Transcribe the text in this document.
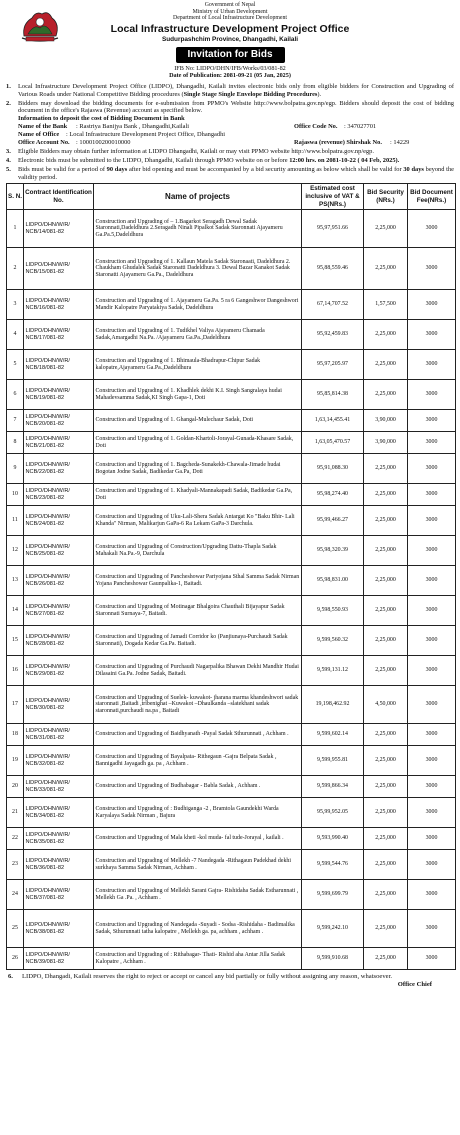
Government of Nepal
Ministry of Urban Development
Department of Local Infrastructure Development
Local Infrastructure Development Project Office
Sudurpashchim Province, Dhangadhi, Kailali
Invitation for Bids
IFB No: LIDPO/DHN/IFB/Works/03/081-82
Date of Publication: 2081-09-21 (05 Jan, 2025)
1. Local Infrastructure Development Project Office (LIDPO), Dhangadhi, Kailali invites electronic bids only from eligible bidders for Construction and Upgrading of Various Roads under National Competitive Bidding procedures (Single Stage Single Envelope Bidding Procedures).
2. Bidders may download the bidding documents for e-submission from PPMO's Website http://www.bolpatra.gov.np/egp. Bidders should deposit the cost of bidding document in the office's Rajaswa (Revenue) account as specified below.
Information to deposit the cost of Bidding Document in Bank
Name of the Bank : Rastriya Banijya Bank , Dhangadhi,Kailali	Office Code No. : 347027701
Name of Office : Local Infrastructure Development Project Office, Dhangadhi
Office Account No. : 1000100200010000	Rajaswa (revenue) Shirshak No. : 14229
3. Eligible Bidders may obtain further information at LIDPO Dhangadhi, Kailali or may visit PPMO website http://www.bolpatra.gov.np/egp.
4. Electronic bids must be submitted to the LIDPO, Dhangadhi, Kailali through PPMO website on or before 12:00 hrs. on 2081-10-22 ( 04 Feb, 2025).
5. Bids must be valid for a period of 90 days after bid opening and must be accompanied by a bid security amounting as below which shall be valid for 30 days beyond the validity period.
S. N.	Contract Identification No.	Name of projects	Estimated cost inclusive of VAT & PS(NRs.)	Bid Security (NRs.)	Bid Document Fee(NRs.)
1	LIDPO/DHN/W/R/ NCB/14/081-82	Construction and Upgrading of – 1.Bagarkot Seragadh Dewal Sadak Staronnati,Dadeldhura 2.Seragadh Ninali Pipalkot Sadak Staronnati Ajayameru Ga.Pa.5,Dadeldhura	95,97,951.66	2,25,000	3000
2	LIDPO/DHN/W/R/ NCB/15/081-82	Construction and Upgrading of 1. Kallaun Matela Sadak Staronaati, Dadeldhura 2. Chaukham Ghudalek Sadak Staronatti Dadeldhura 3. Dewal Bazar Kanakot Sadak Staronatti Ajayameru Ga.Pa., Dadeldhura	95,88,559.46	2,25,000	3000
3	LIDPO/DHN/W/R/ NCB/16/081-82	Construction and Upgrading of 1. Ajayameru Ga.Pa. 5 ra 6 Gangeshwor Dangeshwori Mandir Kalopatre Paryatakiya Sadak, Dadeldhura	67,14,707.52	1,57,500	3000
4	LIDPO/DHN/W/R/ NCB/17/081-82	Construction and Upgrading of 1. Tudikhel Valiya Ajayameru Chamada Sadak,Amargadhi Na.Pa. /Ajayameru Ga.Pa.,Dadeldhura	95,92,459.83	2,25,000	3000
5	LIDPO/DHN/W/R/ NCB/18/081-82	Construction and Upgrading of 1. Bhimaula-Bhadrapur-Chipur Sadak kalopatre,Ajayameru Ga.Pa.,Dadeldhura	95,97,205.97	2,25,000	3000
6	LIDPO/DHN/W/R/ NCB/19/081-82	Construction and Upgrading of 1. Khadhlek dekhi K.I. Singh Sangralaya hudai Mahadevsamma Sadak,KI Singh Gapa-1, Doti	95,85,814.38	2,25,000	3000
7	LIDPO/DHN/W/R/ NCB/20/081-82	Construction and Upgrading of 1. Ghangal-Mulechaur Sadak, Doti	1,63,14,455.41	3,90,000	3000
8	LIDPO/DHN/W/R/ NCB/21/081-82	Construction and Upgrading of 1. Goldan-Khartoli-Jorayal-Gunada-Khasare Sadak, Doti	1,63,05,470.57	3,90,000	3000
9	LIDPO/DHN/W/R/ NCB/22/081-82	Construction and Upgrading of 1. Bagcheda-Sunakekh-Chawala-Jimade hudai Bogotan Jodne Sadak, Badikedar Ga.Pa, Doti	95,91,088.30	2,25,000	3000
10	LIDPO/DHN/W/R/ NCB/23/081-82	Construction and Upgrading of 1. Khadyali-Mannakapadi Sadak, Badikedar Ga.Pa, Doti	95,98,274.40	2,25,000	3000
11	LIDPO/DHN/W/R/ NCB/24/081-82	Construction and Upgrading of Uku-Lali-Shera Sadak Antargat Ko "Baku Bhir- Lali Khanda" Nirman, Malikarjun GaPa-6 Ra Lekam GaPa-3 Darchula.	95,99,466.27	2,25,000	3000
12	LIDPO/DHN/W/R/ NCB/25/081-82	Construction and Upgrading of Construction/Upgrading Dattu-Thapla Sadak Mahakali Na.Pa.-9, Darchula	95,98,320.39	2,25,000	3000
13	LIDPO/DHN/W/R/ NCB/26/081-82	Construction and Upgrading of Pancheshowar Pariyojana Sthal Samma Sadak Nirman Yojana Pancheshowar Gaunpalika-1, Baitadi.	95,98,831.00	2,25,000	3000
14	LIDPO/DHN/W/R/ NCB/27/081-82	Construction and Upgrading of Motinagar Bhalgoira Chauthali Bijayapur Sadak Staronnati Surnaya-7, Baitadi.	9,598,550.93	2,25,000	3000
15	LIDPO/DHN/W/R/ NCB/28/081-82	Construction and Upgrading of Jamadi Corridor ko (Panjiunaya-Purchaudi Sadak Staronnati), Dogada Kedar Ga.Pa. Baitadi.	9,599,560.32	2,25,000	3000
16	LIDPO/DHN/W/R/ NCB/29/081-82	Construction and Upgrading of Purchaudi Nagarpalika Bhawan Dekhi Mandhir Hudai Dilasaini Ga.Pa. Jodne Sadak, Baitadi.	9,599,131.12	2,25,000	3000
17	LIDPO/DHN/W/R/ NCB/30/081-82	Construction and Upgrading of Suelek- kuwakot- jharana marma khandeshwori sadak staronnati ,Baitadi ,tribenighat –Kuwakot –Dhaulkanda –slatekhani sadak staronnati,purchaudi na.pa , Baitadi	19,198,462.92	4,50,000	3000
18	LIDPO/DHN/W/R/ NCB/31/081-82	Construction and Upgrading of Baidhyanath -Payal Sadak Sthurunnati , Achham .	9,599,602.14	2,25,000	3000
19	LIDPO/DHN/W/R/ NCB/32/081-82	Construction and Upgrading of Bayalpata- Rithegaun -Gajra Belpata Sadak , Bannigadhi Jayagadh ga. pa , Achham .	9,599,955.81	2,25,000	3000
20	LIDPO/DHN/W/R/ NCB/33/081-82	Construction and Upgrading of Budhabagar - Babla Sadak , Achham .	9,599,866.34	2,25,000	3000
21	LIDPO/DHN/W/R/ NCB/34/081-82	Construction and Upgrading of : Budhiganga -2 , Bramtola Gaundekhi Warda Karyalaya Sadak Nirman , Bajura	95,99,952.05	2,25,000	3000
22	LIDPO/DHN/W/R/ NCB/35/081-82	Construction and Upgrading of Mala kheti -kol muda- fal tude-Jorayal , kailali .	9,593,990.40	2,25,000	3000
23	LIDPO/DHN/W/R/ NCB/36/081-82	Construction and Upgrading of Mellekh -7 Nandegada -Rithagaun Padekhad dekhi surkhaya Samma Sadak Nirman, Achham .	9,599,544.76	2,25,000	3000
24	LIDPO/DHN/W/R/ NCB/37/081-82	Construction and Upgrading of Mellekh Sarani Gajra- Rishidaha Sadak Estharunnati , Mellekh Ga .Pa. , Achham .	9,599,699.79	2,25,000	3000
25	LIDPO/DHN/W/R/ NCB/38/081-82	Construction and Upgrading of Nandegada -Suyadi - Sodsa -Rishidaha - Badimalika Sadak, Sthurunnati tatha kalopatre , Mellekh ga. pa, achham , achham .	9,599,242.10	2,25,000	3000
26	LIDPO/DHN/W/R/ NCB/39/081-82	Construction and Upgrading of : Rithabagar- Thati- Rishid aha Antar Jilla Sadak Kalopatre , Achham .	9,599,910.68	2,25,000	3000
6. LIDPO, Dhangadi, Kailali reserves the right to reject or accept or cancel any bid partially or fully without assigning any reason, whatsoever.
Office Chief
